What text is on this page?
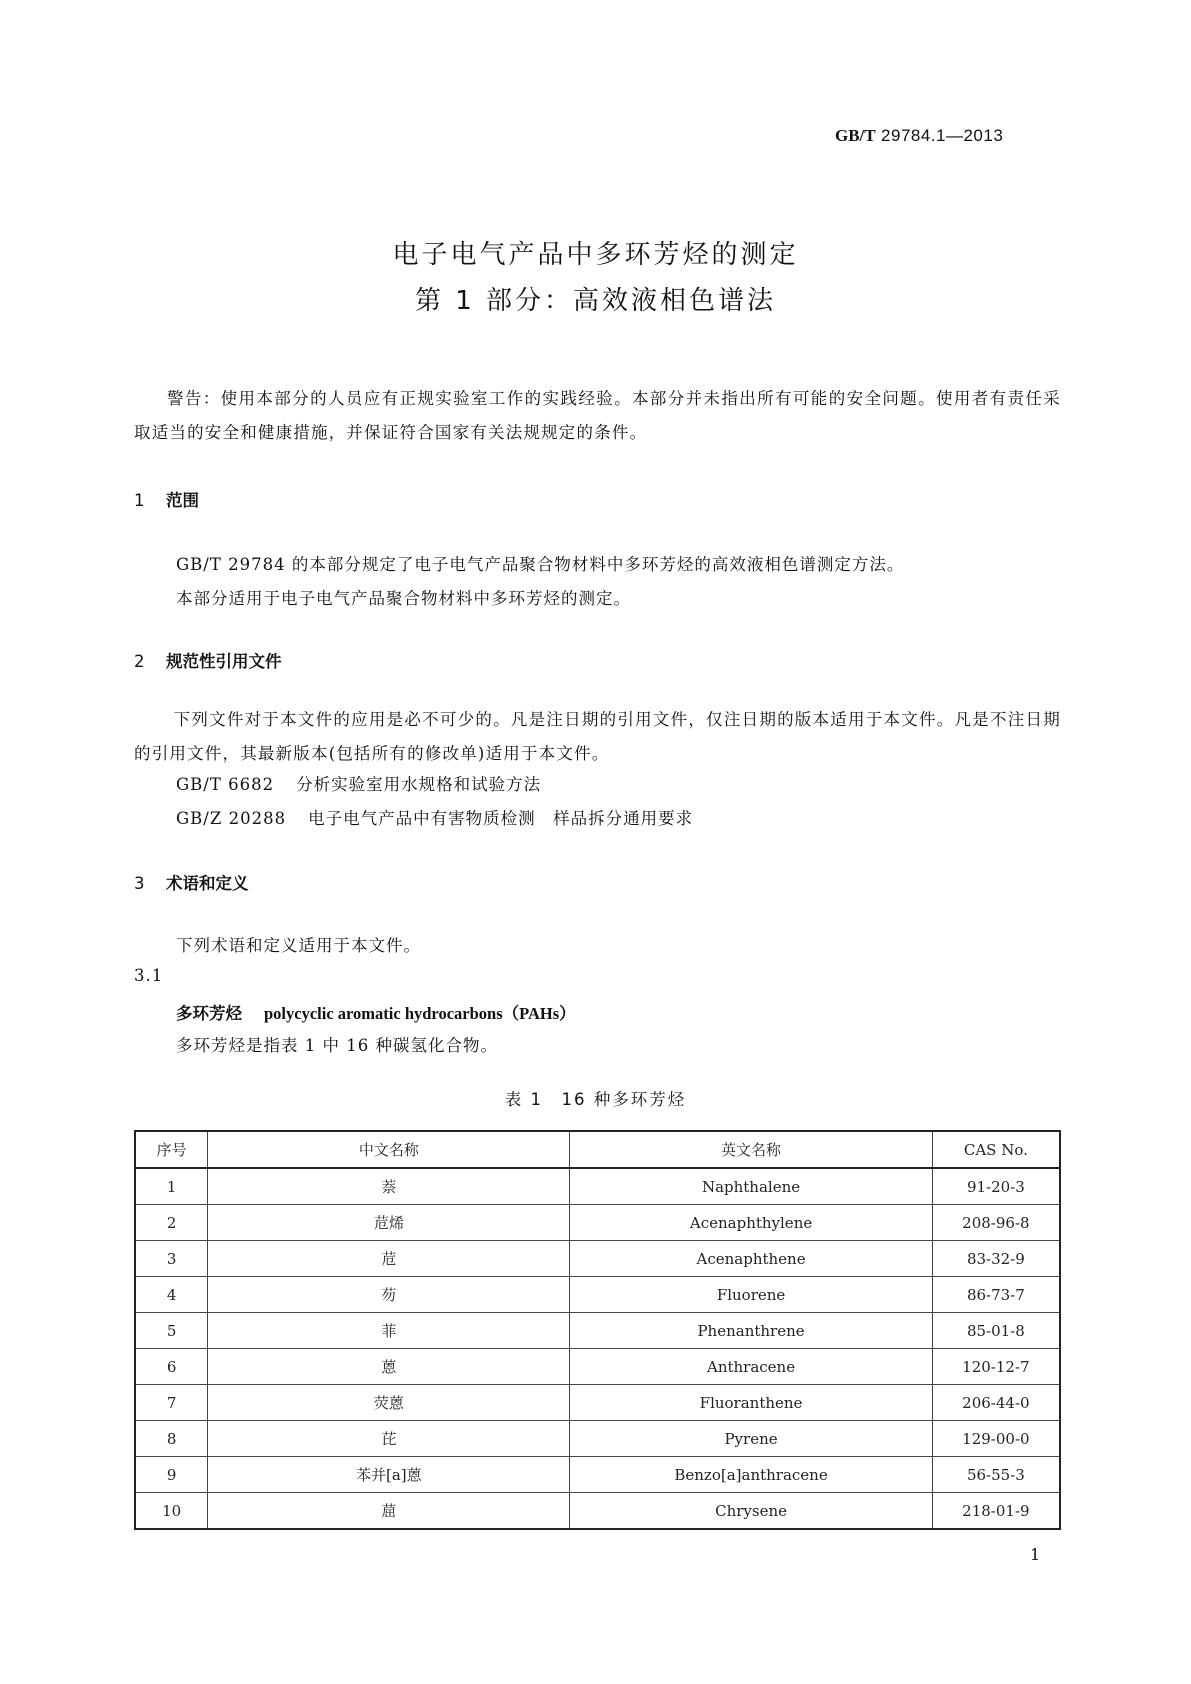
GB/T 29784.1—2013
电子电气产品中多环芳烃的测定
第 1 部分：高效液相色谱法
警告：使用本部分的人员应有正规实验室工作的实践经验。本部分并未指出所有可能的安全问题。使用者有责任采取适当的安全和健康措施，并保证符合国家有关法规规定的条件。
1 范围
GB/T 29784 的本部分规定了电子电气产品聚合物材料中多环芳烃的高效液相色谱测定方法。
本部分适用于电子电气产品聚合物材料中多环芳烃的测定。
2 规范性引用文件
下列文件对于本文件的应用是必不可少的。凡是注日期的引用文件，仅注日期的版本适用于本文件。凡是不注日期的引用文件，其最新版本(包括所有的修改单)适用于本文件。
GB/T 6682 分析实验室用水规格和试验方法
GB/Z 20288 电子电气产品中有害物质检测　样品拆分通用要求
3 术语和定义
下列术语和定义适用于本文件。
3.1
多环芳烃 polycyclic aromatic hydrocarbons（PAHs）
多环芳烃是指表 1 中 16 种碳氢化合物。
表 1　16 种多环芳烃
序号	中文名称	英文名称	CAS No.
1	萘	Naphthalene	91-20-3
2	苊烯	Acenaphthylene	208-96-8
3	苊	Acenaphthene	83-32-9
4	芴	Fluorene	86-73-7
5	菲	Phenanthrene	85-01-8
6	蒽	Anthracene	120-12-7
7	荧蒽	Fluoranthene	206-44-0
8	芘	Pyrene	129-00-0
9	苯并[a]蒽	Benzo[a]anthracene	56-55-3
10	䓛	Chrysene	218-01-9
1
